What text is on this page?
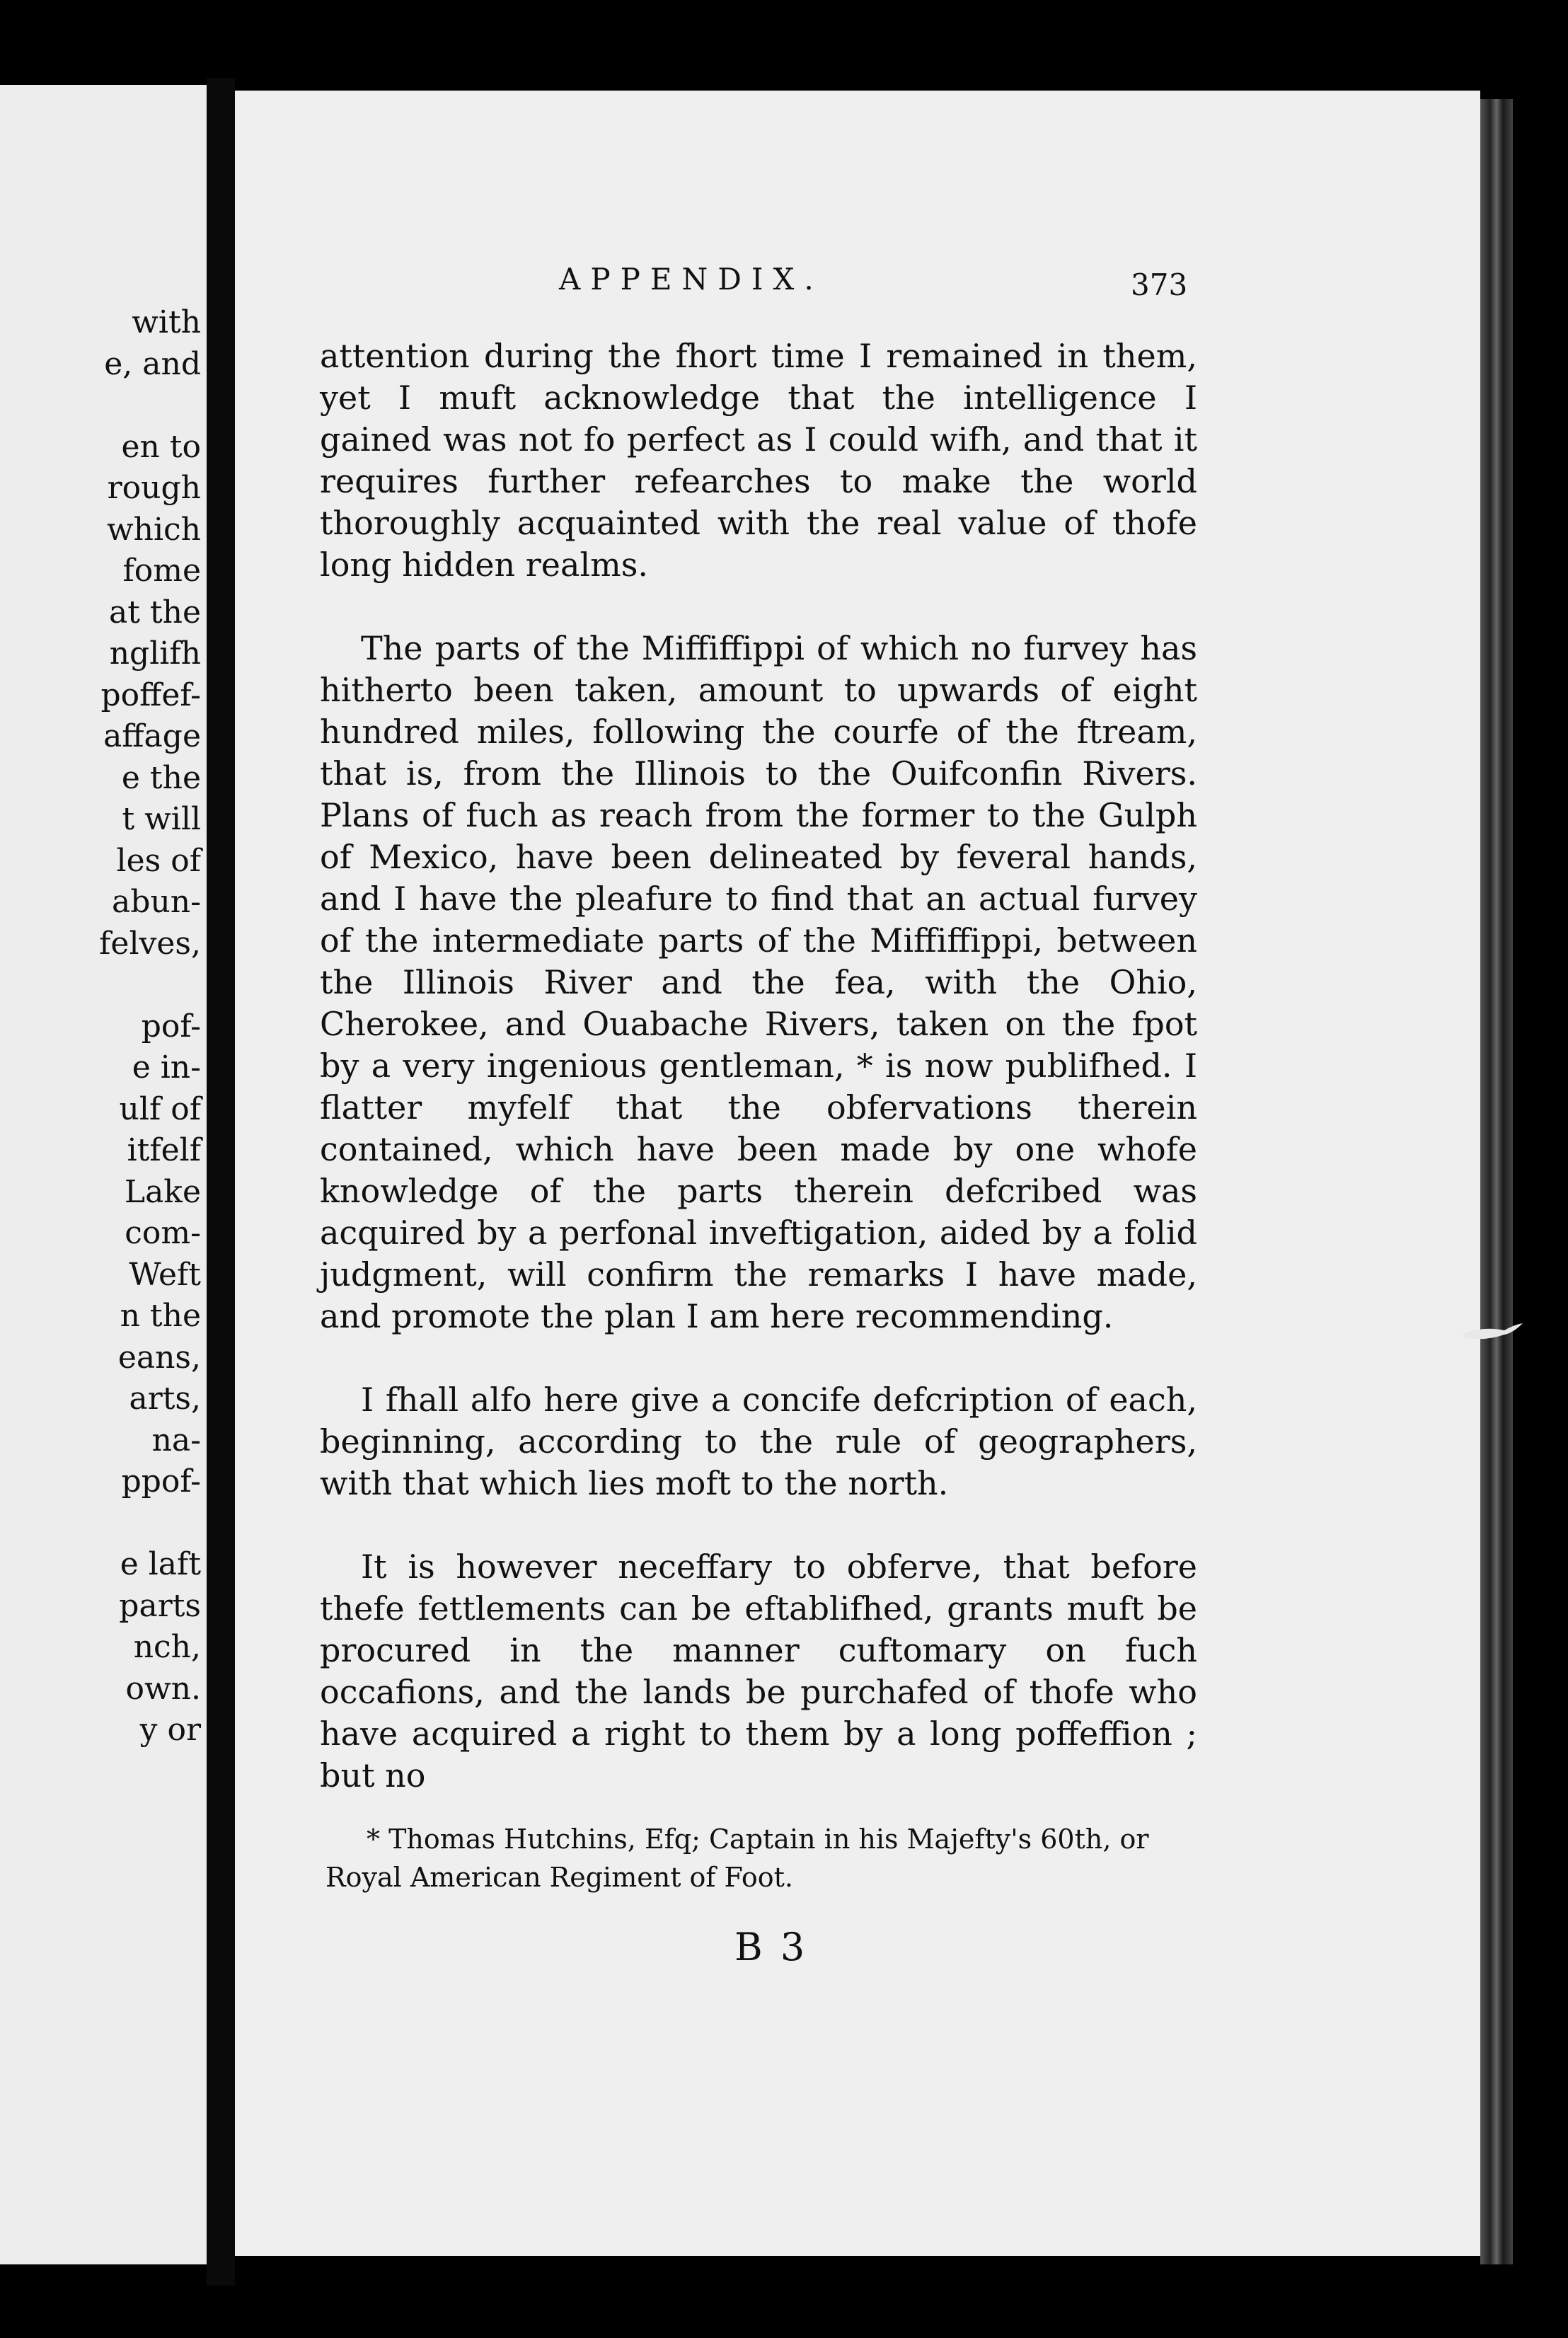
with
e, and
en to
rough
which
fome
at the
nglifh
poffef-
affage
e the
t will
les of
abun-
felves,
pof-
e in-
ulf of
itfelf
Lake
com-
Weft
n the
eans,
arts,
na-
ppof-
e laft
parts
nch,
own.
y or
APPENDIX.	373

attention during the fhort time I remained in them, yet I muft acknowledge that the intelligence I gained was not fo perfect as I could wifh, and that it requires further refearches to make the world thoroughly acquainted with the real value of thofe long hidden realms.

The parts of the Miffiffippi of which no furvey has hitherto been taken, amount to upwards of eight hundred miles, following the courfe of the ftream, that is, from the Illinois to the Ouifconfin Rivers. Plans of fuch as reach from the former to the Gulph of Mexico, have been delineated by feveral hands, and I have the pleafure to find that an actual furvey of the intermediate parts of the Miffiffippi, between the Illinois River and the fea, with the Ohio, Cherokee, and Ouabache Rivers, taken on the fpot by a very ingenious gentleman, * is now publifhed. I flatter myfelf that the obfervations therein contained, which have been made by one whofe knowledge of the parts therein defcribed was acquired by a perfonal inveftigation, aided by a folid judgment, will confirm the remarks I have made, and promote the plan I am here recommending.

I fhall alfo here give a concife defcription of each, beginning, according to the rule of geographers, with that which lies moft to the north.

It is however neceffary to obferve, that before thefe fettlements can be eftablifhed, grants muft be procured in the manner cuftomary on fuch occafions, and the lands be purchafed of thofe who have acquired a right to them by a long poffeffion ; but no

* Thomas Hutchins, Efq; Captain in his Majefty's 60th, or Royal American Regiment of Foot.
B 3
